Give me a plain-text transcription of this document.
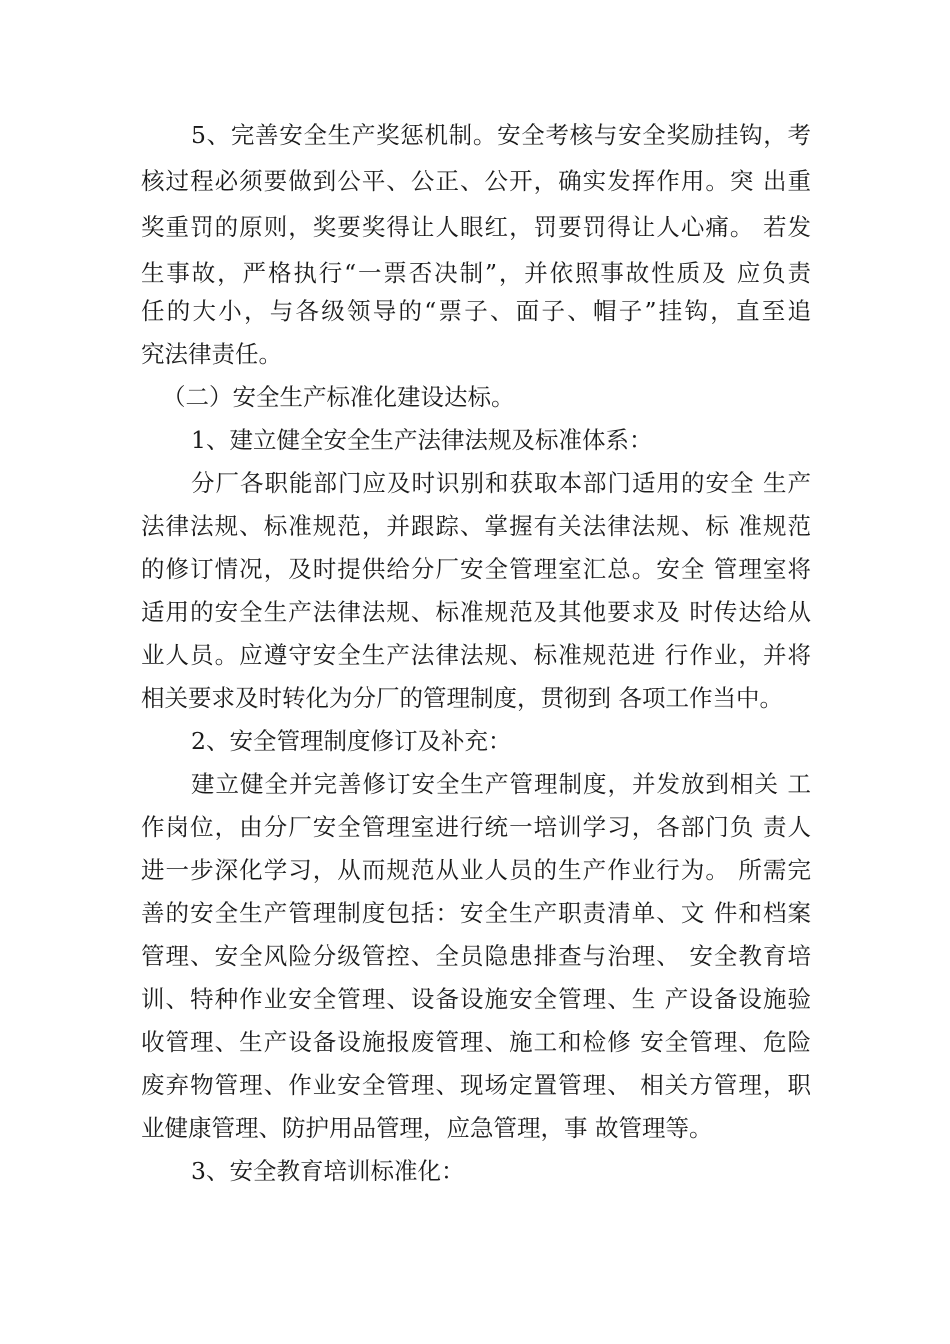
5、完善安全生产奖惩机制。安全考核与安全奖励挂钩，考
核过程必须要做到公平、公正、公开，确实发挥作用。突 出重
奖重罚的原则，奖要奖得让人眼红，罚要罚得让人心痛。 若发
生事故，严格执行“一票否决制”，并依照事故性质及 应负责
任的大小，与各级领导的“票子、面子、帽子”挂钩，直至追
究法律责任。
（二）安全生产标准化建设达标。
1、建立健全安全生产法律法规及标准体系：
分厂各职能部门应及时识别和获取本部门适用的安全 生产
法律法规、标准规范，并跟踪、掌握有关法律法规、标 准规范
的修订情况，及时提供给分厂安全管理室汇总。安全 管理室将
适用的安全生产法律法规、标准规范及其他要求及 时传达给从
业人员。应遵守安全生产法律法规、标准规范进 行作业，并将
相关要求及时转化为分厂的管理制度，贯彻到 各项工作当中。
2、安全管理制度修订及补充：
建立健全并完善修订安全生产管理制度，并发放到相关 工
作岗位，由分厂安全管理室进行统一培训学习，各部门负 责人
进一步深化学习，从而规范从业人员的生产作业行为。 所需完
善的安全生产管理制度包括：安全生产职责清单、文 件和档案
管理、安全风险分级管控、全员隐患排查与治理、 安全教育培
训、特种作业安全管理、设备设施安全管理、生 产设备设施验
收管理、生产设备设施报废管理、施工和检修 安全管理、危险
废弃物管理、作业安全管理、现场定置管理、 相关方管理，职
业健康管理、防护用品管理，应急管理，事 故管理等。
3、安全教育培训标准化：
